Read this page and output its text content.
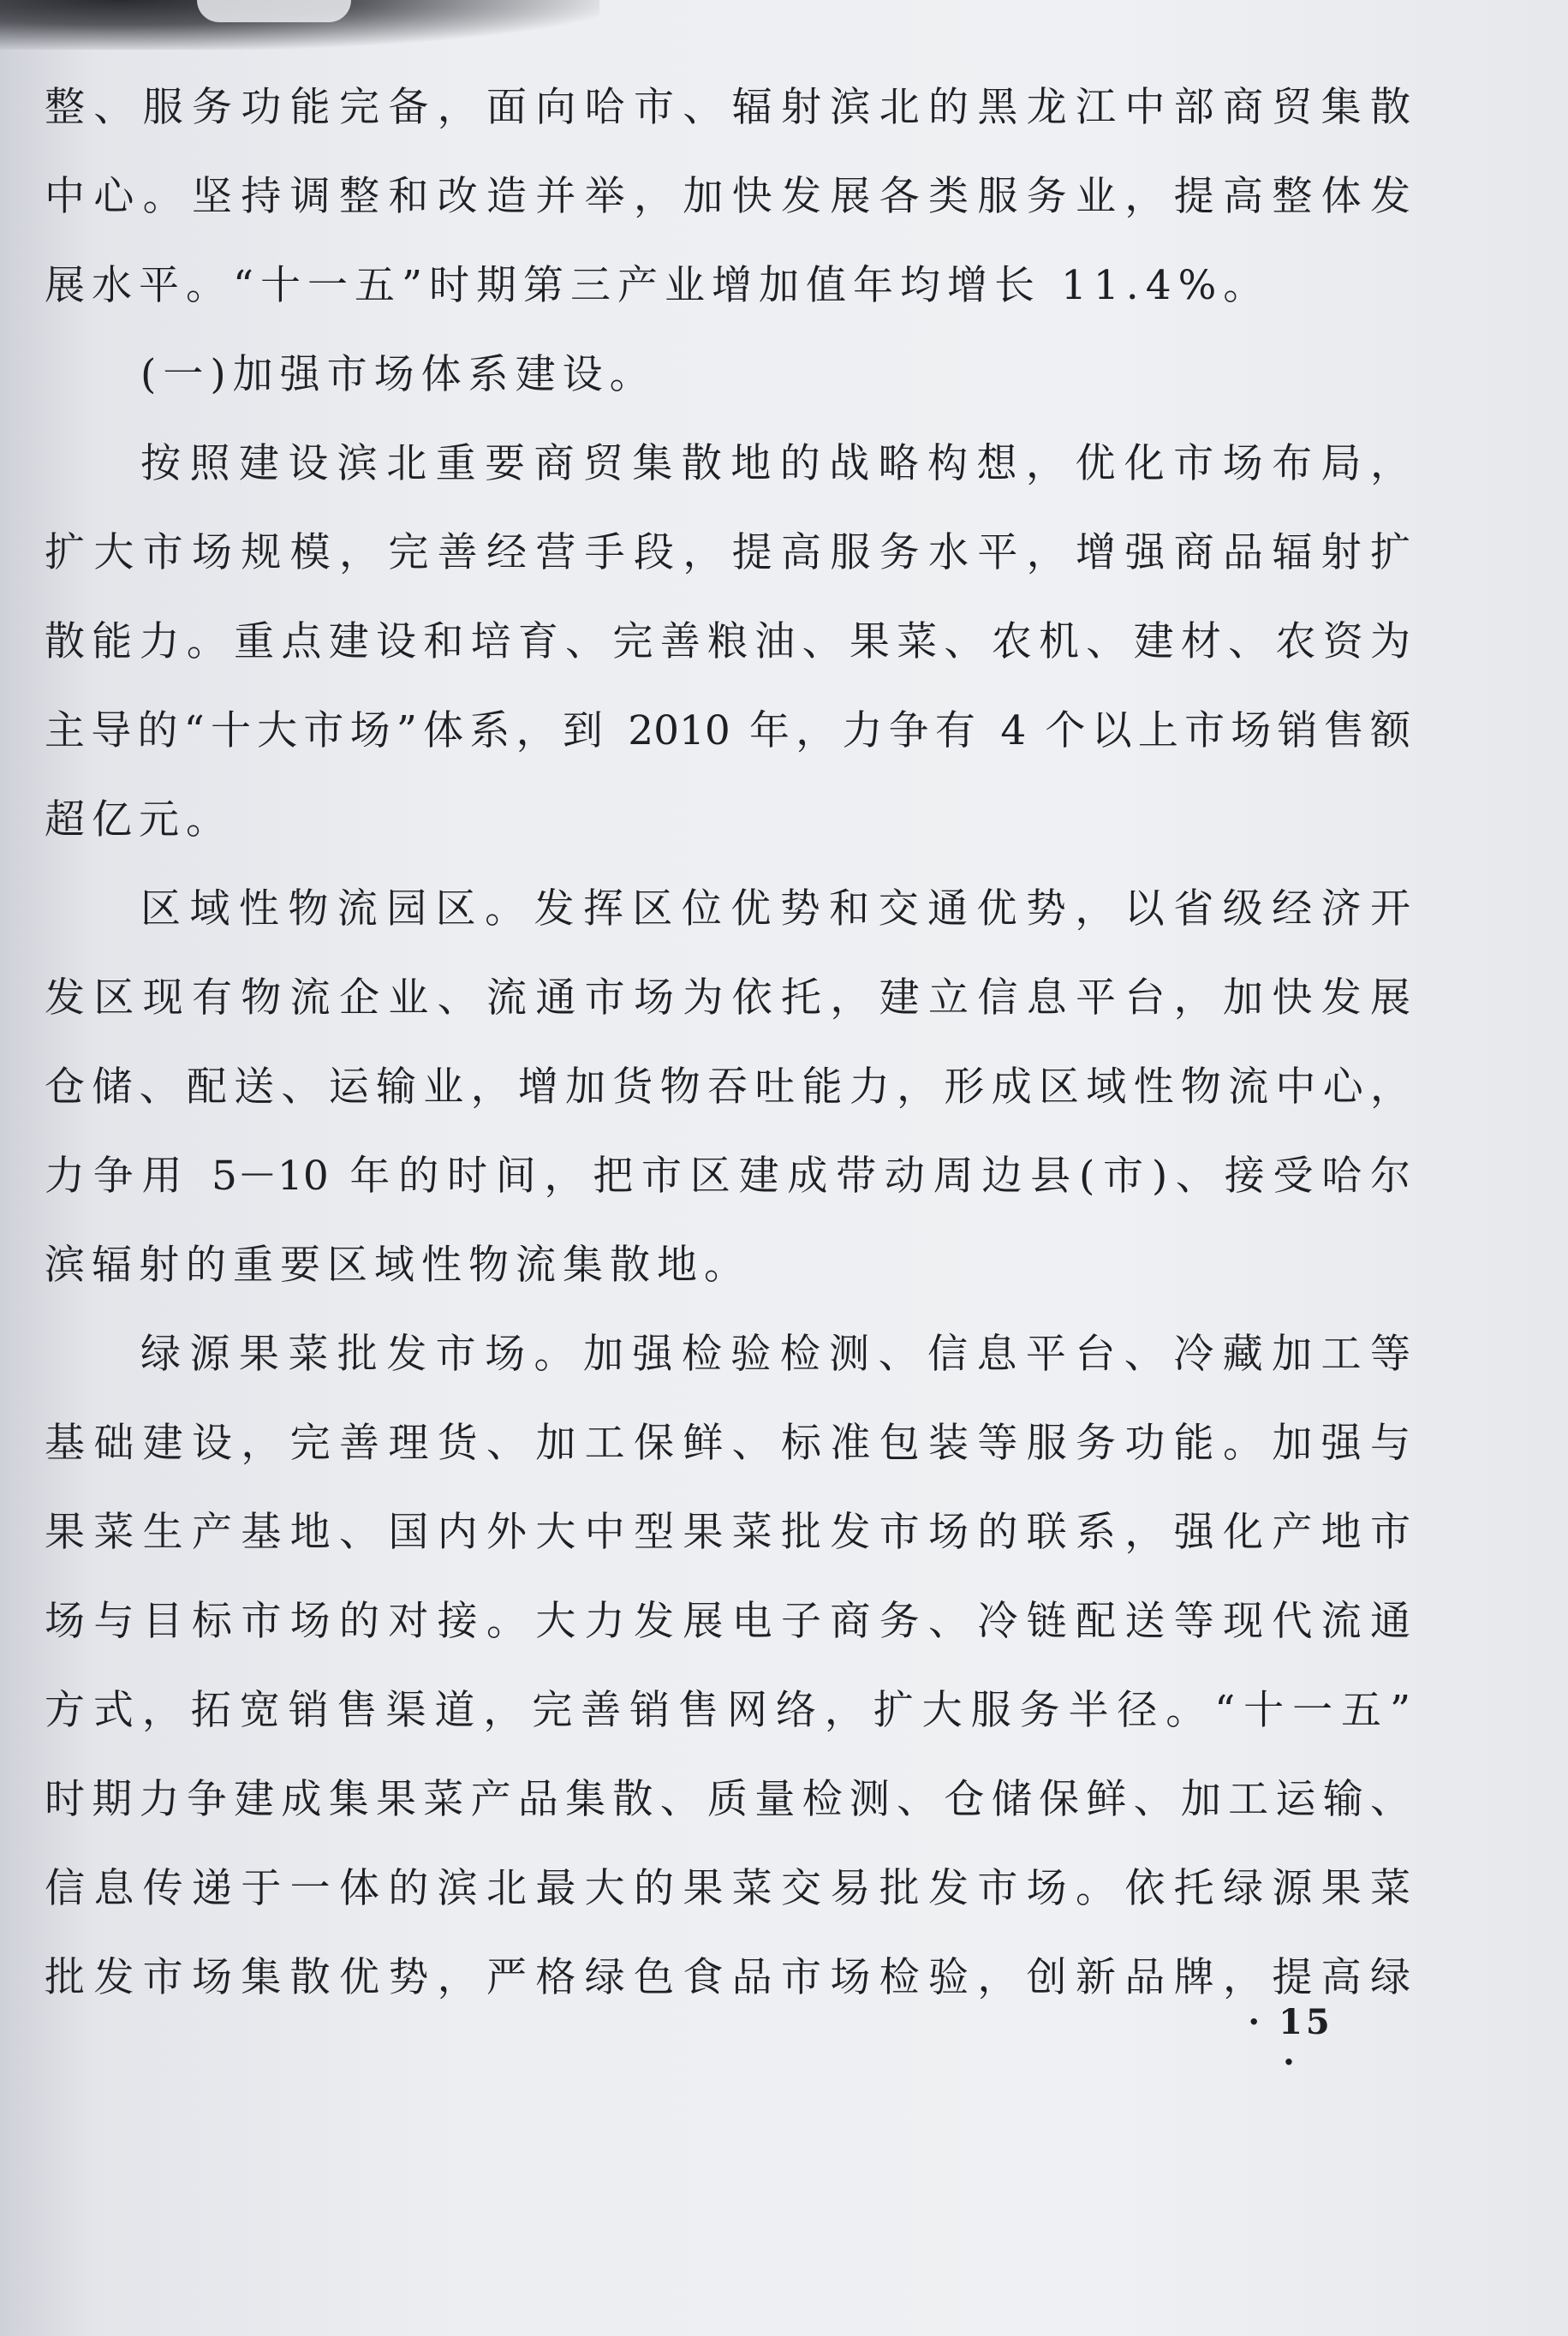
整、服务功能完备，面向哈市、辐射滨北的黑龙江中部商贸集散
中心。坚持调整和改造并举，加快发展各类服务业，提高整体发
展水平。“十一五”时期第三产业增加值年均增长 11.4%。
(一)加强市场体系建设。
按照建设滨北重要商贸集散地的战略构想，优化市场布局，
扩大市场规模，完善经营手段，提高服务水平，增强商品辐射扩
散能力。重点建设和培育、完善粮油、果菜、农机、建材、农资为
主导的“十大市场”体系，到 2010 年，力争有 4 个以上市场销售额
超亿元。
区域性物流园区。发挥区位优势和交通优势，以省级经济开
发区现有物流企业、流通市场为依托，建立信息平台，加快发展
仓储、配送、运输业，增加货物吞吐能力，形成区域性物流中心，
力争用 5－10 年的时间，把市区建成带动周边县(市)、接受哈尔
滨辐射的重要区域性物流集散地。
绿源果菜批发市场。加强检验检测、信息平台、冷藏加工等
基础建设，完善理货、加工保鲜、标准包装等服务功能。加强与
果菜生产基地、国内外大中型果菜批发市场的联系，强化产地市
场与目标市场的对接。大力发展电子商务、冷链配送等现代流通
方式，拓宽销售渠道，完善销售网络，扩大服务半径。“十一五”
时期力争建成集果菜产品集散、质量检测、仓储保鲜、加工运输、
信息传递于一体的滨北最大的果菜交易批发市场。依托绿源果菜
批发市场集散优势，严格绿色食品市场检验，创新品牌，提高绿
· 15 ·
